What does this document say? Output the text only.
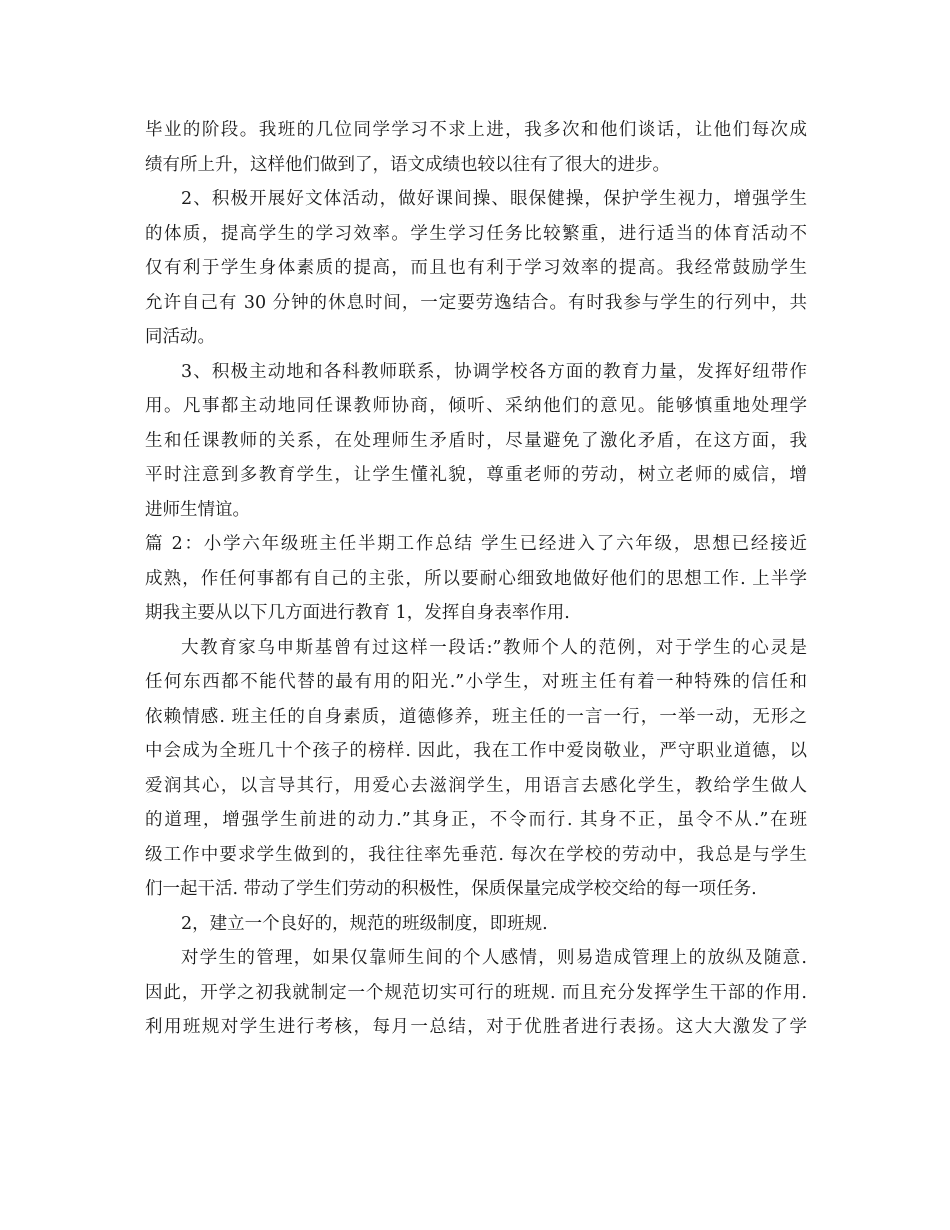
毕业的阶段。我班的几位同学学习不求上进，我多次和他们谈话，让他们每次成
绩有所上升，这样他们做到了，语文成绩也较以往有了很大的进步。
2、积极开展好文体活动，做好课间操、眼保健操，保护学生视力，增强学生
的体质，提高学生的学习效率。学生学习任务比较繁重，进行适当的体育活动不
仅有利于学生身体素质的提高，而且也有利于学习效率的提高。我经常鼓励学生
允许自己有 30 分钟的休息时间，一定要劳逸结合。有时我参与学生的行列中，共
同活动。
3、积极主动地和各科教师联系，协调学校各方面的教育力量，发挥好纽带作
用。凡事都主动地同任课教师协商，倾听、采纳他们的意见。能够慎重地处理学
生和任课教师的关系，在处理师生矛盾时，尽量避免了激化矛盾，在这方面，我
平时注意到多教育学生，让学生懂礼貌，尊重老师的劳动，树立老师的威信，增
进师生情谊。
篇 2：小学六年级班主任半期工作总结 学生已经进入了六年级，思想已经接近
成熟，作任何事都有自己的主张，所以要耐心细致地做好他们的思想工作. 上半学
期我主要从以下几方面进行教育 1，发挥自身表率作用.
大教育家乌申斯基曾有过这样一段话:”教师个人的范例，对于学生的心灵是
任何东西都不能代替的最有用的阳光.”小学生，对班主任有着一种特殊的信任和
依赖情感. 班主任的自身素质，道德修养，班主任的一言一行，一举一动，无形之
中会成为全班几十个孩子的榜样. 因此，我在工作中爱岗敬业，严守职业道德，以
爱润其心，以言导其行，用爱心去滋润学生，用语言去感化学生，教给学生做人
的道理，增强学生前进的动力.”其身正，不令而行. 其身不正，虽令不从.”在班
级工作中要求学生做到的，我往往率先垂范. 每次在学校的劳动中，我总是与学生
们一起干活. 带动了学生们劳动的积极性，保质保量完成学校交给的每一项任务.
2，建立一个良好的，规范的班级制度，即班规.
对学生的管理，如果仅靠师生间的个人感情，则易造成管理上的放纵及随意.
因此，开学之初我就制定一个规范切实可行的班规. 而且充分发挥学生干部的作用.
利用班规对学生进行考核，每月一总结，对于优胜者进行表扬。这大大激发了学
